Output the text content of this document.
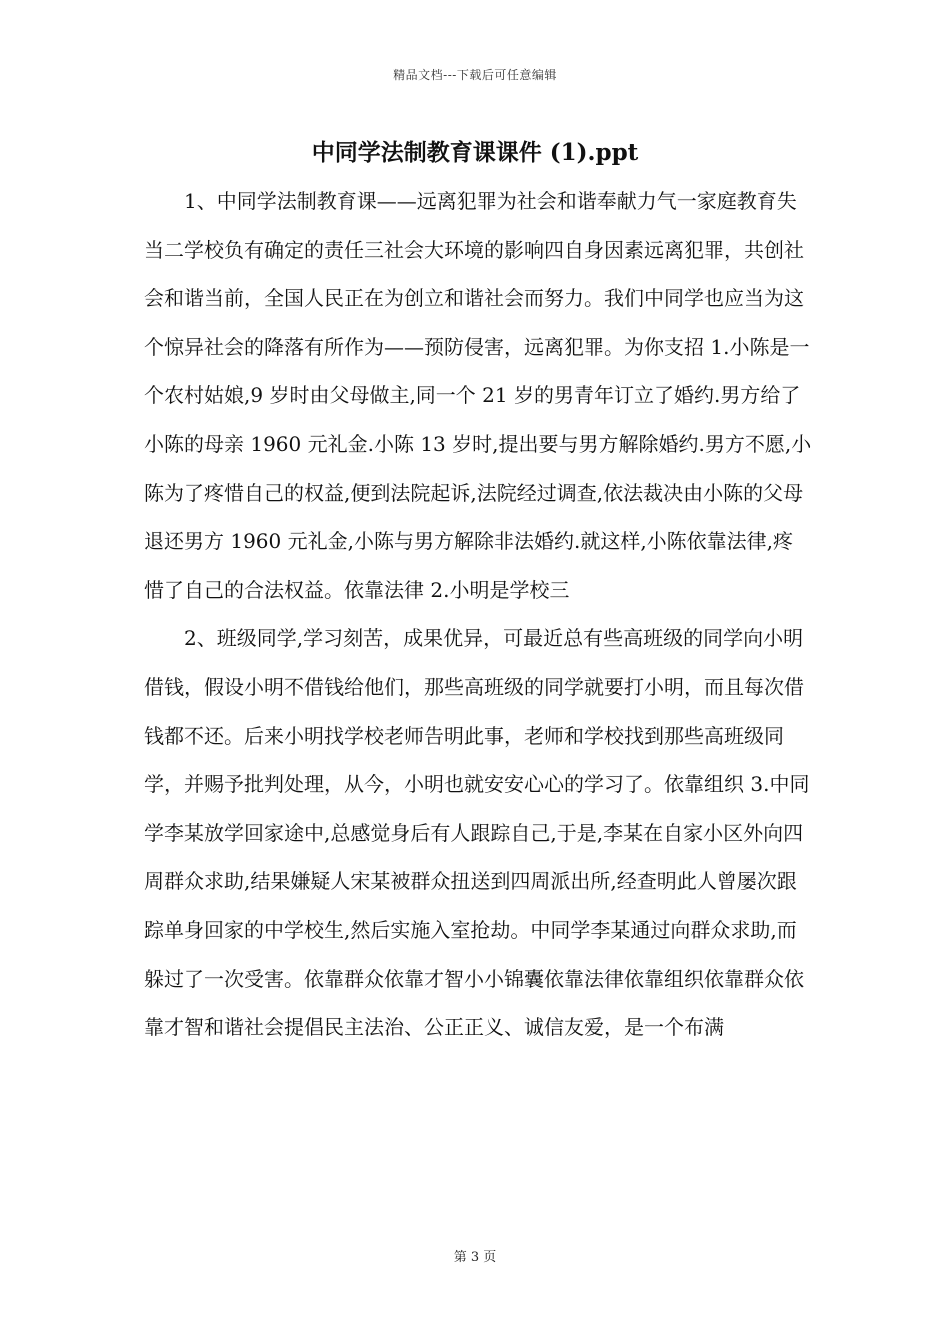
精品文档---下载后可任意编辑
中同学法制教育课课件 (1).ppt

1、中同学法制教育课——远离犯罪为社会和谐奉献力气一家庭教育失当二学校负有确定的责任三社会大环境的影响四自身因素远离犯罪，共创社会和谐当前，全国人民正在为创立和谐社会而努力。我们中同学也应当为这个惊异社会的降落有所作为——预防侵害，远离犯罪。为你支招 1.小陈是一个农村姑娘,9 岁时由父母做主,同一个 21 岁的男青年订立了婚约.男方给了小陈的母亲 1960 元礼金.小陈 13 岁时,提出要与男方解除婚约.男方不愿,小陈为了疼惜自己的权益,便到法院起诉,法院经过调查,依法裁决由小陈的父母退还男方 1960 元礼金,小陈与男方解除非法婚约.就这样,小陈依靠法律,疼惜了自己的合法权益。依靠法律 2.小明是学校三

2、班级同学,学习刻苦，成果优异，可最近总有些高班级的同学向小明借钱，假设小明不借钱给他们，那些高班级的同学就要打小明，而且每次借钱都不还。后来小明找学校老师告明此事，老师和学校找到那些高班级同学，并赐予批判处理，从今，小明也就安安心心的学习了。依靠组织 3.中同学李某放学回家途中,总感觉身后有人跟踪自己,于是,李某在自家小区外向四周群众求助,结果嫌疑人宋某被群众扭送到四周派出所,经查明此人曾屡次跟踪单身回家的中学校生,然后实施入室抢劫。中同学李某通过向群众求助,而躲过了一次受害。依靠群众依靠才智小小锦囊依靠法律依靠组织依靠群众依靠才智和谐社会提倡民主法治、公正正义、诚信友爱，是一个布满

第 3 页
